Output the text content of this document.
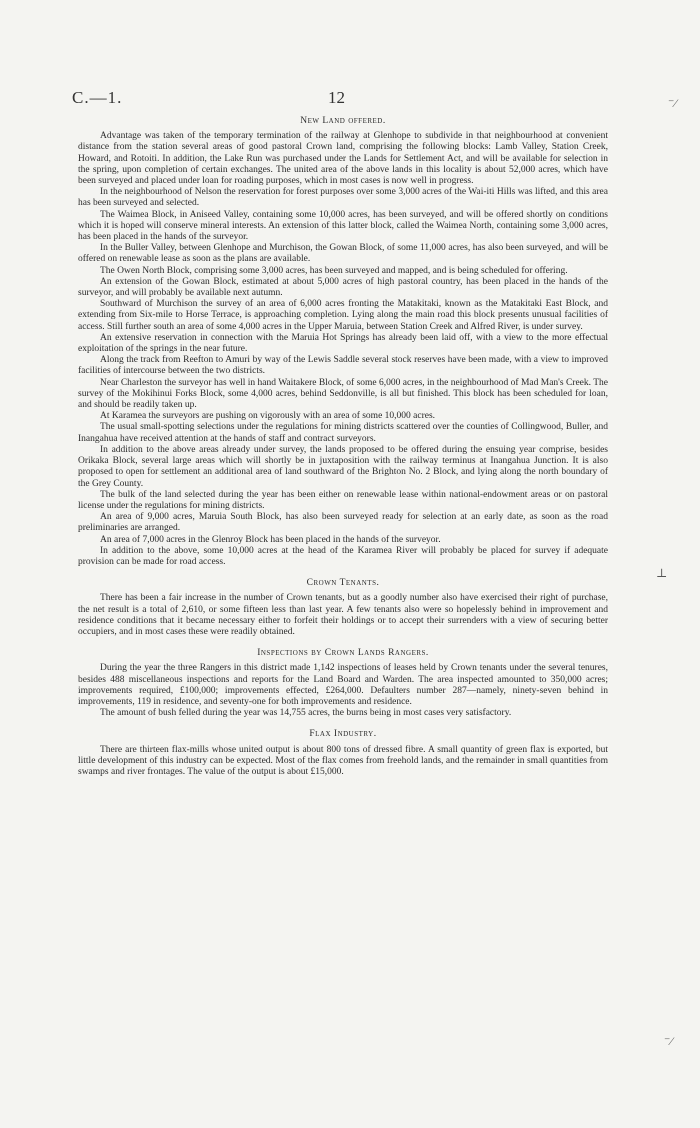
C.—1.	12
New Land offered.

Advantage was taken of the temporary termination of the railway at Glenhope to subdivide in that neighbourhood at convenient distance from the station several areas of good pastoral Crown land, comprising the following blocks: Lamb Valley, Station Creek, Howard, and Rotoiti. In addition, the Lake Run was purchased under the Lands for Settlement Act, and will be available for selection in the spring, upon completion of certain exchanges. The united area of the above lands in this locality is about 52,000 acres, which have been surveyed and placed under loan for roading purposes, which in most cases is now well in progress.

In the neighbourhood of Nelson the reservation for forest purposes over some 3,000 acres of the Wai-iti Hills was lifted, and this area has been surveyed and selected.

The Waimea Block, in Aniseed Valley, containing some 10,000 acres, has been surveyed, and will be offered shortly on conditions which it is hoped will conserve mineral interests. An extension of this latter block, called the Waimea North, containing some 3,000 acres, has been placed in the hands of the surveyor.

In the Buller Valley, between Glenhope and Murchison, the Gowan Block, of some 11,000 acres, has also been surveyed, and will be offered on renewable lease as soon as the plans are available.

The Owen North Block, comprising some 3,000 acres, has been surveyed and mapped, and is being scheduled for offering.

An extension of the Gowan Block, estimated at about 5,000 acres of high pastoral country, has been placed in the hands of the surveyor, and will probably be available next autumn.

Southward of Murchison the survey of an area of 6,000 acres fronting the Matakitaki, known as the Matakitaki East Block, and extending from Six-mile to Horse Terrace, is approaching completion. Lying along the main road this block presents unusual facilities of access. Still further south an area of some 4,000 acres in the Upper Maruia, between Station Creek and Alfred River, is under survey.

An extensive reservation in connection with the Maruia Hot Springs has already been laid off, with a view to the more effectual exploitation of the springs in the near future.

Along the track from Reefton to Amuri by way of the Lewis Saddle several stock reserves have been made, with a view to improved facilities of intercourse between the two districts.

Near Charleston the surveyor has well in hand Waitakere Block, of some 6,000 acres, in the neighbourhood of Mad Man's Creek. The survey of the Mokihinui Forks Block, some 4,000 acres, behind Seddonville, is all but finished. This block has been scheduled for loan, and should be readily taken up.

At Karamea the surveyors are pushing on vigorously with an area of some 10,000 acres.

The usual small-spotting selections under the regulations for mining districts scattered over the counties of Collingwood, Buller, and Inangahua have received attention at the hands of staff and contract surveyors.

In addition to the above areas already under survey, the lands proposed to be offered during the ensuing year comprise, besides Orikaka Block, several large areas which will shortly be in juxtaposition with the railway terminus at Inangahua Junction. It is also proposed to open for settlement an additional area of land southward of the Brighton No. 2 Block, and lying along the north boundary of the Grey County.

The bulk of the land selected during the year has been either on renewable lease within national-endowment areas or on pastoral license under the regulations for mining districts.

An area of 9,000 acres, Maruia South Block, has also been surveyed ready for selection at an early date, as soon as the road preliminaries are arranged.

An area of 7,000 acres in the Glenroy Block has been placed in the hands of the surveyor.

In addition to the above, some 10,000 acres at the head of the Karamea River will probably be placed for survey if adequate provision can be made for road access.

Crown Tenants.

There has been a fair increase in the number of Crown tenants, but as a goodly number also have exercised their right of purchase, the net result is a total of 2,610, or some fifteen less than last year. A few tenants also were so hopelessly behind in improvement and residence conditions that it became necessary either to forfeit their holdings or to accept their surrenders with a view of securing better occupiers, and in most cases these were readily obtained.

Inspections by Crown Lands Rangers.

During the year the three Rangers in this district made 1,142 inspections of leases held by Crown tenants under the several tenures, besides 488 miscellaneous inspections and reports for the Land Board and Warden. The area inspected amounted to 350,000 acres; improvements required, £100,000; improvements effected, £264,000. Defaulters number 287—namely, ninety-seven behind in improvements, 119 in residence, and seventy-one for both improvements and residence.

The amount of bush felled during the year was 14,755 acres, the burns being in most cases very satisfactory.

Flax Industry.

There are thirteen flax-mills whose united output is about 800 tons of dressed fibre. A small quantity of green flax is exported, but little development of this industry can be expected. Most of the flax comes from freehold lands, and the remainder in small quantities from swamps and river frontages. The value of the output is about £15,000.

⁻⁄
⊥
⁻⁄
